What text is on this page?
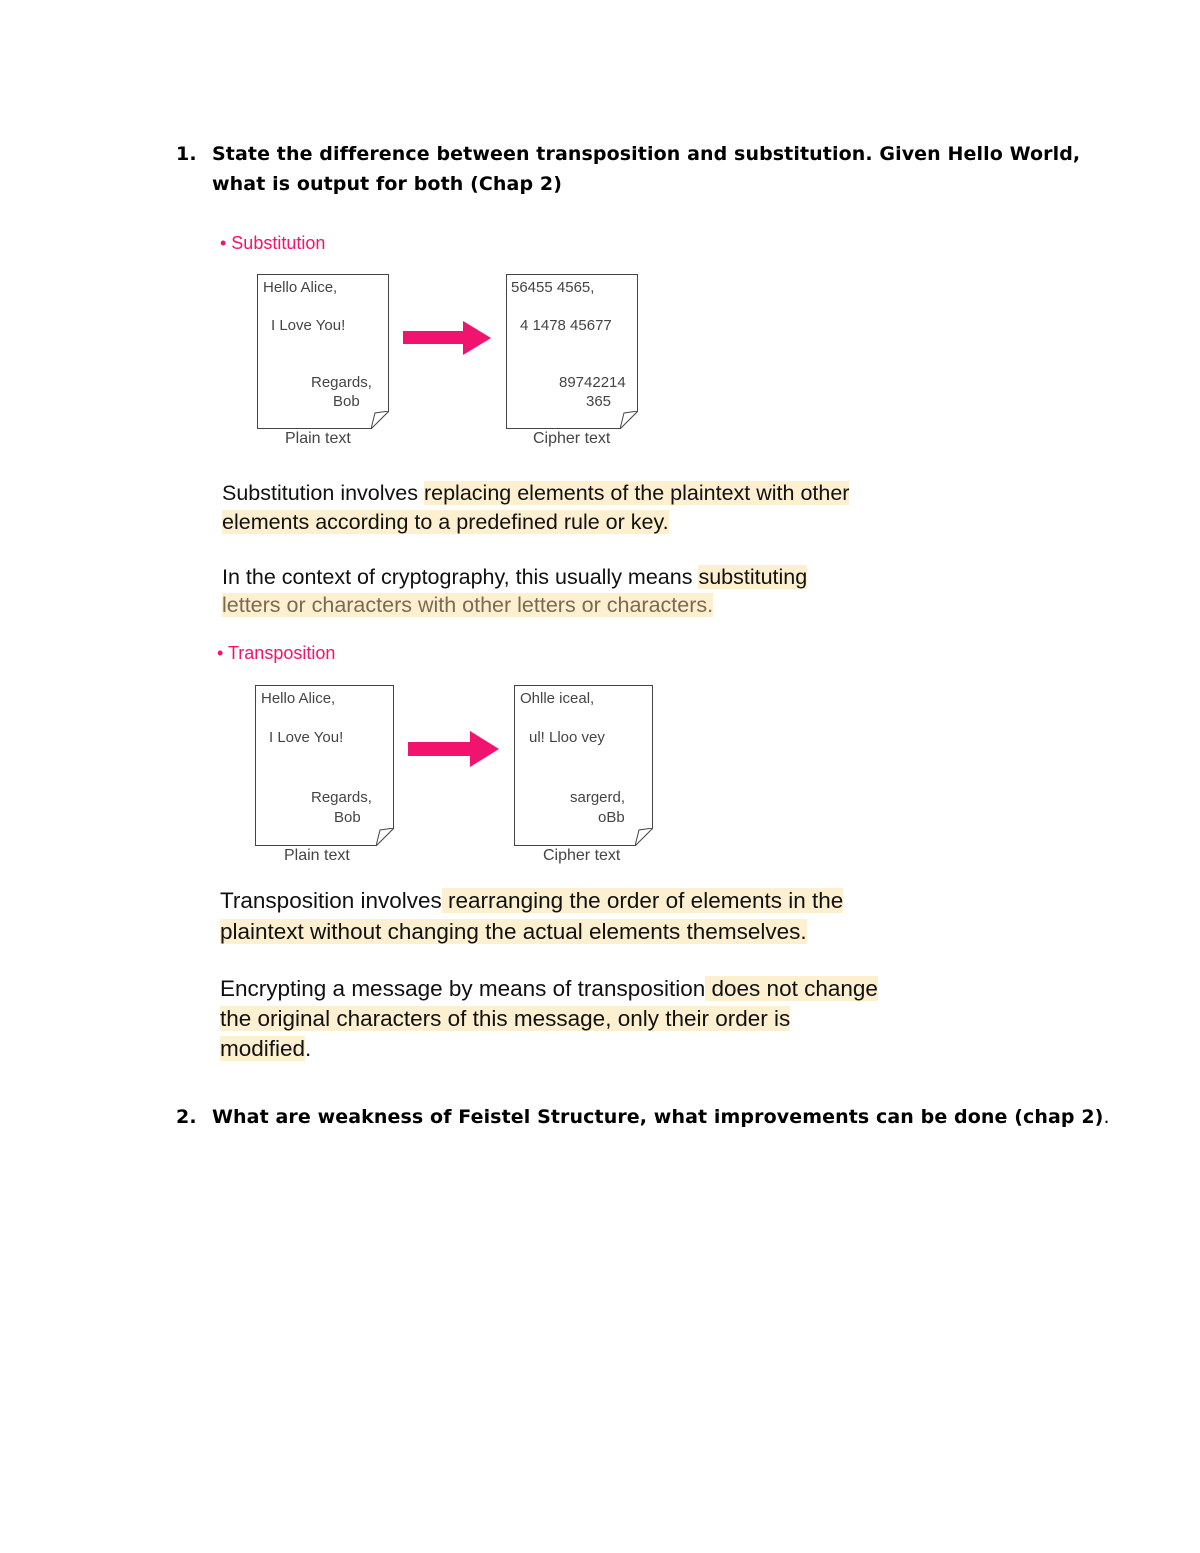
1. State the difference between transposition and substitution. Given Hello World,
what is output for both (Chap 2)
• Substitution
Hello Alice,
I Love You!
Regards,
Bob
Plain text
56455 4565,
4 1478 45677
89742214
365
Cipher text
Substitution involves replacing elements of the plaintext with other
elements according to a predefined rule or key.
In the context of cryptography, this usually means substituting
letters or characters with other letters or characters.
• Transposition
Hello Alice,
I Love You!
Regards,
Bob
Plain text
Ohlle iceal,
ul! Lloo vey
sargerd,
oBb
Cipher text
Transposition involves rearranging the order of elements in the
plaintext without changing the actual elements themselves.
Encrypting a message by means of transposition does not change
the original characters of this message, only their order is
modified.
2. What are weakness of Feistel Structure, what improvements can be done (chap 2).
